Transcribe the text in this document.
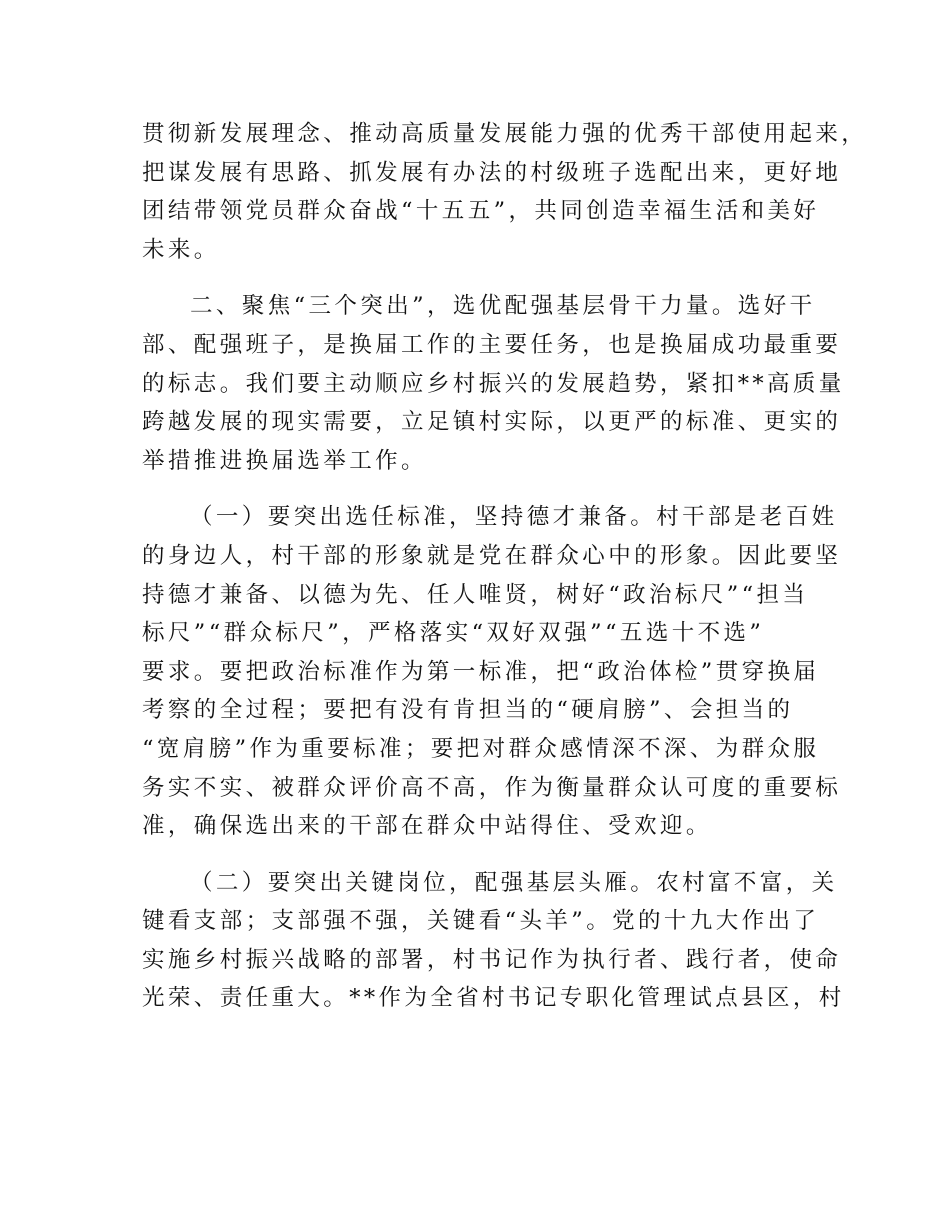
贯彻新发展理念、推动高质量发展能力强的优秀干部使用起来，
把谋发展有思路、抓发展有办法的村级班子选配出来，更好地
团结带领党员群众奋战“十五五”，共同创造幸福生活和美好
未来。

二、聚焦“三个突出”，选优配强基层骨干力量。选好干
部、配强班子，是换届工作的主要任务，也是换届成功最重要
的标志。我们要主动顺应乡村振兴的发展趋势，紧扣**高质量
跨越发展的现实需要，立足镇村实际，以更严的标准、更实的
举措推进换届选举工作。

（一）要突出选任标准，坚持德才兼备。村干部是老百姓
的身边人，村干部的形象就是党在群众心中的形象。因此要坚
持德才兼备、以德为先、任人唯贤，树好“政治标尺”“担当
标尺”“群众标尺”，严格落实“双好双强”“五选十不选”
要求。要把政治标准作为第一标准，把“政治体检”贯穿换届
考察的全过程；要把有没有肯担当的“硬肩膀”、会担当的
“宽肩膀”作为重要标准；要把对群众感情深不深、为群众服
务实不实、被群众评价高不高，作为衡量群众认可度的重要标
准，确保选出来的干部在群众中站得住、受欢迎。

（二）要突出关键岗位，配强基层头雁。农村富不富，关
键看支部；支部强不强，关键看“头羊”。党的十九大作出了
实施乡村振兴战略的部署，村书记作为执行者、践行者，使命
光荣、责任重大。**作为全省村书记专职化管理试点县区，村
